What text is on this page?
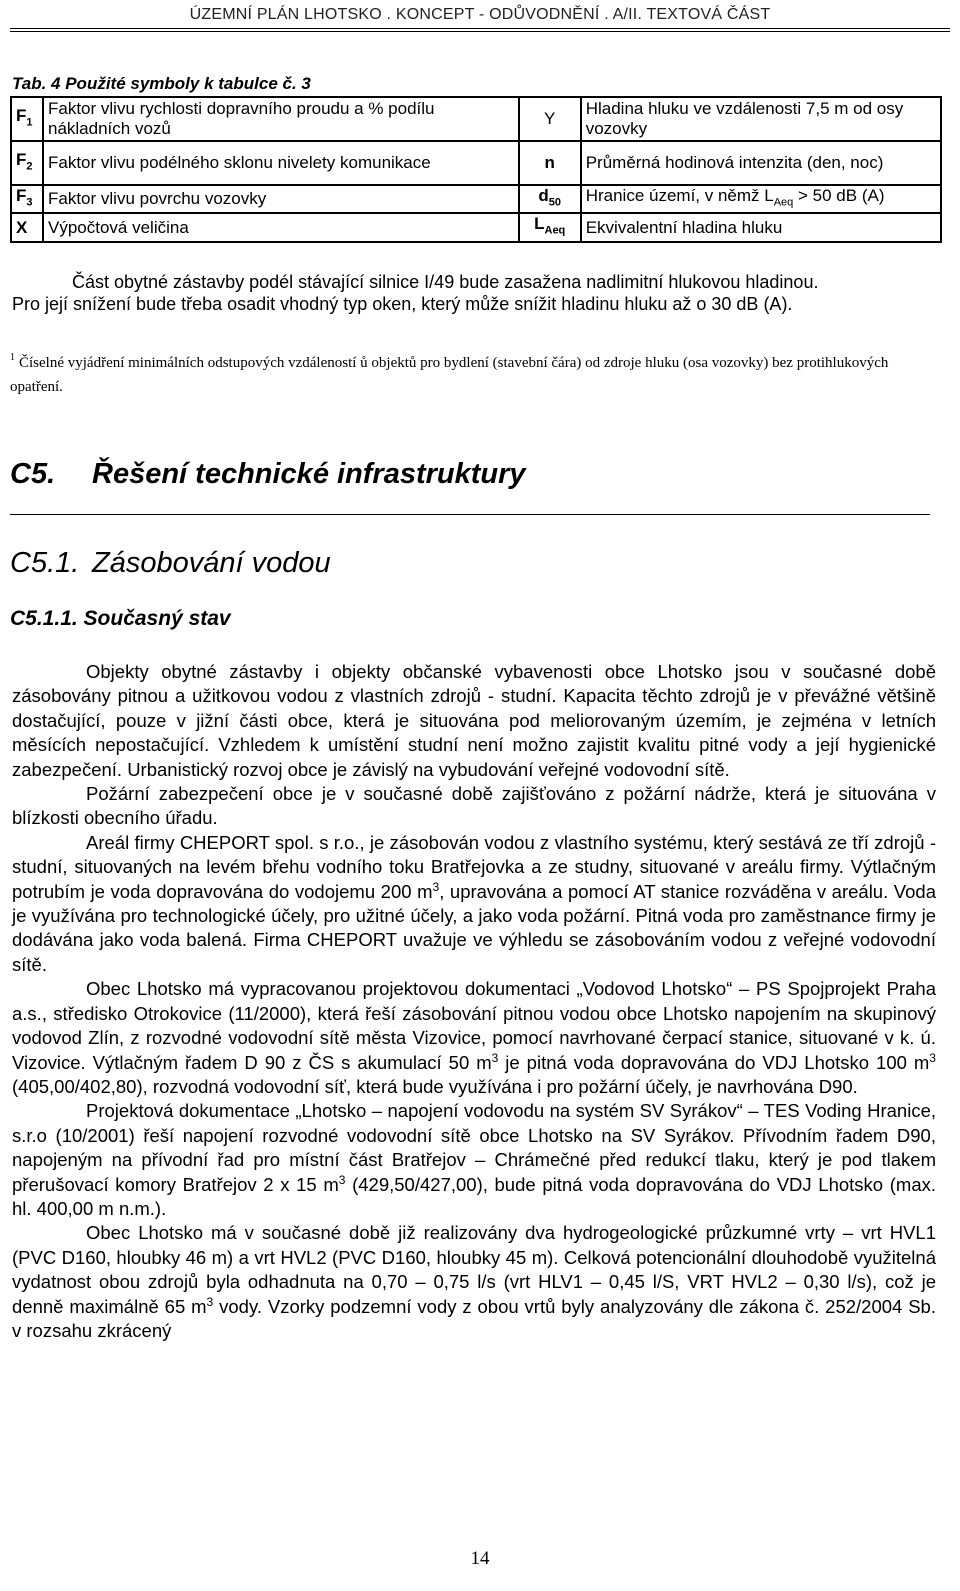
ÚZEMNÍ PLÁN LHOTSKO . KONCEPT - ODŮVODNĚNÍ . A/II. TEXTOVÁ ČÁST
Tab. 4 Použité symboly k tabulce č. 3
$F_1$	Faktor vlivu rychlosti dopravního proudu a % podílu nákladních vozů	Y	Hladina hluku ve vzdálenosti 7,5 m od osy vozovky
$F_2$	Faktor vlivu podélného sklonu nivelety komunikace	n	Průměrná hodinová intenzita (den, noc)
$F_3$	Faktor vlivu povrchu vozovky	$d_{50}$	Hranice území, v němž $L_{Aeq} > 50$ dB (A)
X	Výpočtová veličina	$L_{Aeq}$	Ekvivalentní hladina hluku

Část obytné zástavby podél stávající silnice I/49 bude zasažena nadlimitní hlukovou hladinou.

Pro její snížení bude třeba osadit vhodný typ oken, který může snížit hladinu hluku až o 30 dB (A).

$^1$ Číselné vyjádření minimálních odstupových vzdáleností ů objektů pro bydlení (stavební čára) od zdroje hluku (osa vozovky) bez protihlukových opatření.
C5. Řešení technické infrastruktury
C5.1. Zásobování vodou
C5.1.1. Současný stav

Objekty obytné zástavby i objekty občanské vybavenosti obce Lhotsko jsou v současné době zásobovány pitnou a užitkovou vodou z vlastních zdrojů - studní. Kapacita těchto zdrojů je v převážné většině dostačující, pouze v jižní části obce, která je situována pod meliorovaným územím, je zejména v letních měsících nepostačující. Vzhledem k umístění studní není možno zajistit kvalitu pitné vody a její hygienické zabezpečení. Urbanistický rozvoj obce je závislý na vybudování veřejné vodovodní sítě.

Požární zabezpečení obce je v současné době zajišťováno z požární nádrže, která je situována v blízkosti obecního úřadu.

Areál firmy CHEPORT spol. s r.o., je zásobován vodou z vlastního systému, který sestává ze tří zdrojů - studní, situovaných na levém břehu vodního toku Bratřejovka a ze studny, situované v areálu firmy. Výtlačným potrubím je voda dopravována do vodojemu 200 $m^3$, upravována a pomocí AT stanice rozváděna v areálu. Voda je využívána pro technologické účely, pro užitné účely, a jako voda požární. Pitná voda pro zaměstnance firmy je dodávána jako voda balená. Firma CHEPORT uvažuje ve výhledu se zásobováním vodou z veřejné vodovodní sítě.

Obec Lhotsko má vypracovanou projektovou dokumentaci „Vodovod Lhotsko“ – PS Spojprojekt Praha a.s., středisko Otrokovice (11/2000), která řeší zásobování pitnou vodou obce Lhotsko napojením na skupinový vodovod Zlín, z rozvodné vodovodní sítě města Vizovice, pomocí navrhované čerpací stanice, situované v k. ú. Vizovice. Výtlačným řadem D 90 z ČS s akumulací 50 $m^3$ je pitná voda dopravována do VDJ Lhotsko 100 $m^3$ (405,00/402,80), rozvodná vodovodní síť, která bude využívána i pro požární účely, je navrhována D90.

Projektová dokumentace „Lhotsko – napojení vodovodu na systém SV Syrákov“ – TES Voding Hranice, s.r.o (10/2001) řeší napojení rozvodné vodovodní sítě obce Lhotsko na SV Syrákov. Přívodním řadem D90, napojeným na přívodní řad pro místní část Bratřejov – Chrámečné před redukcí tlaku, který je pod tlakem přerušovací komory Bratřejov 2 x 15 $m^3$ (429,50/427,00), bude pitná voda dopravována do VDJ Lhotsko (max. hl. 400,00 m n.m.).

Obec Lhotsko má v současné době již realizovány dva hydrogeologické průzkumné vrty – vrt HVL1 (PVC D160, hloubky 46 m) a vrt HVL2 (PVC D160, hloubky 45 m). Celková potencionální dlouhodobě využitelná vydatnost obou zdrojů byla odhadnuta na 0,70 – 0,75 l/s (vrt HLV1 – 0,45 l/S, VRT HVL2 – 0,30 l/s), což je denně maximálně 65 $m^3$ vody. Vzorky podzemní vody z obou vrtů byly analyzovány dle zákona č. 252/2004 Sb. v rozsahu zkrácený

14
